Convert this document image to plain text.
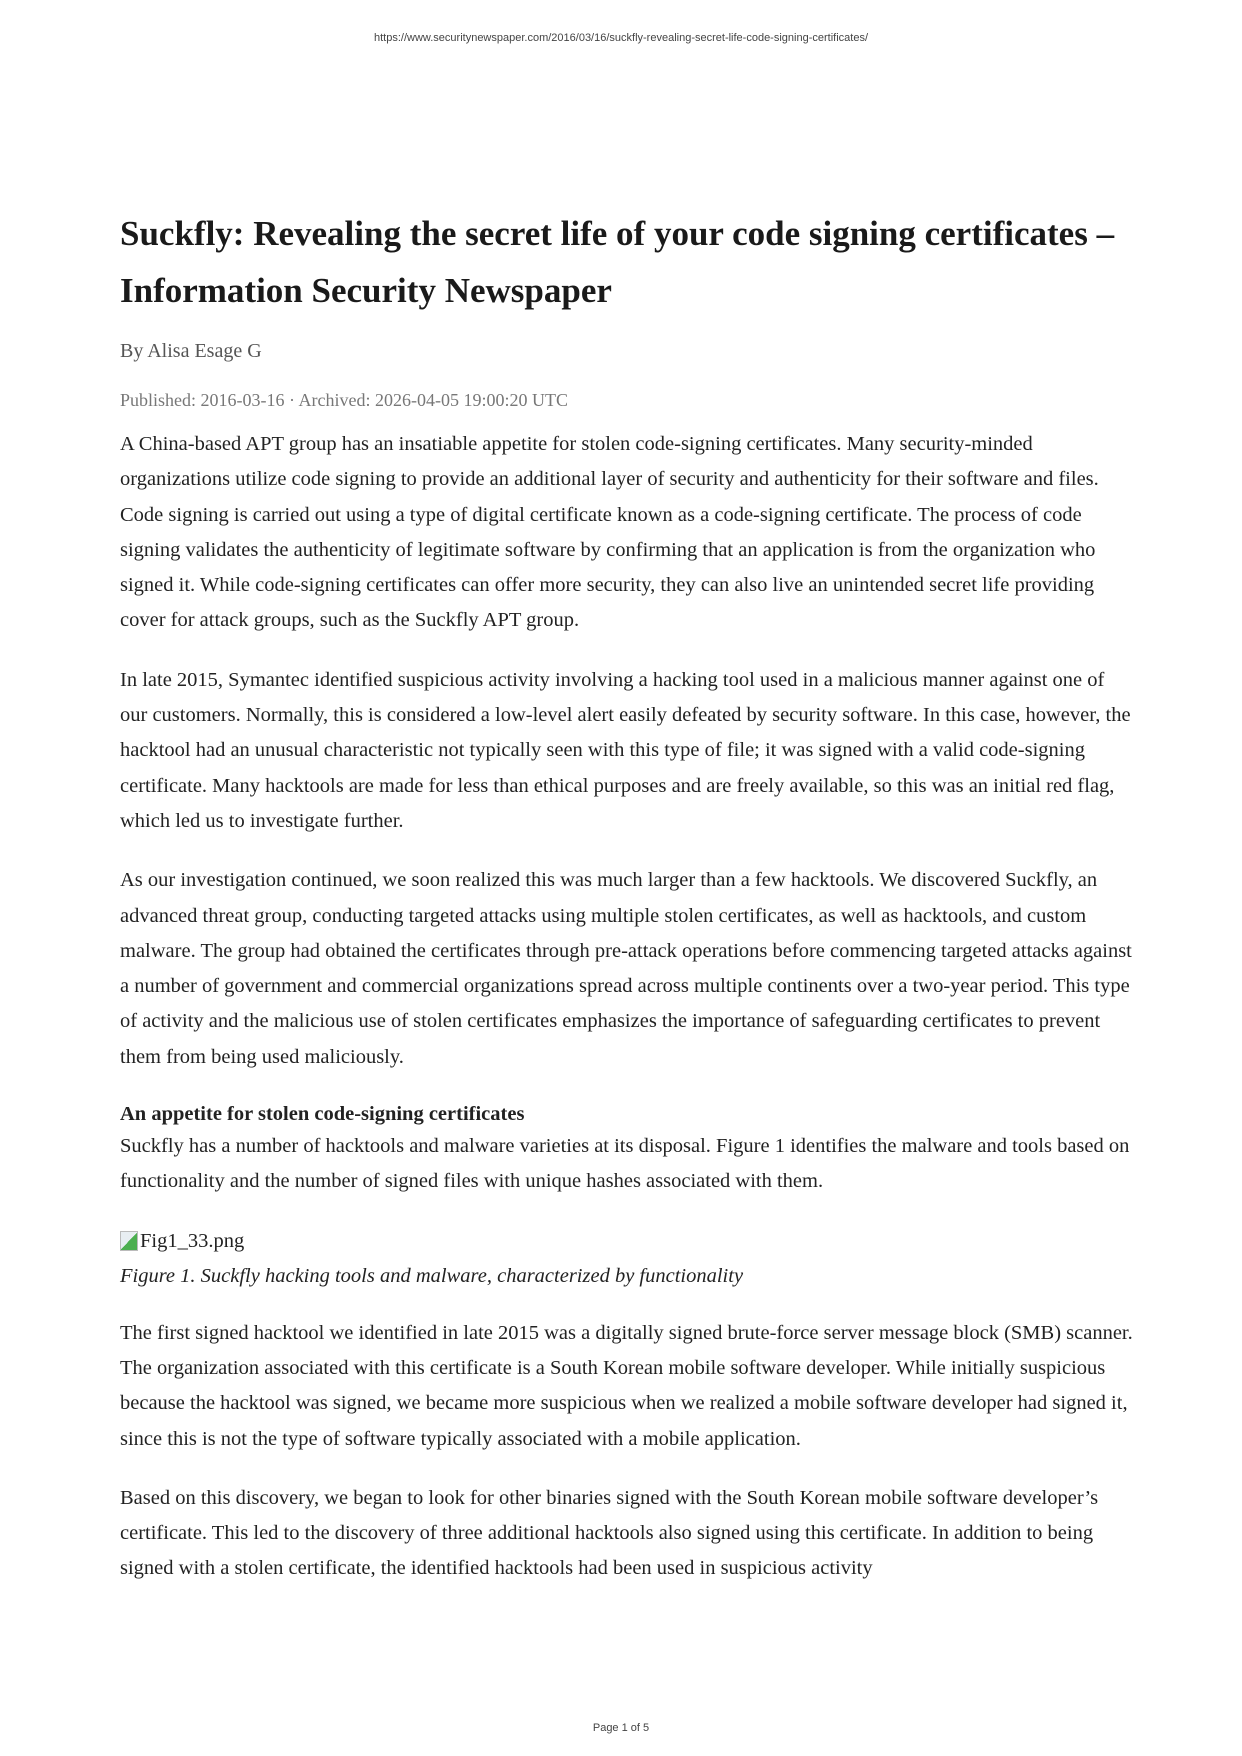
https://www.securitynewspaper.com/2016/03/16/suckfly-revealing-secret-life-code-signing-certificates/
Suckfly: Revealing the secret life of your code signing certificates – Information Security Newspaper
By Alisa Esage G
Published: 2016-03-16 · Archived: 2026-04-05 19:00:20 UTC

A China-based APT group has an insatiable appetite for stolen code-signing certificates. Many security-minded organizations utilize code signing to provide an additional layer of security and authenticity for their software and files. Code signing is carried out using a type of digital certificate known as a code-signing certificate. The process of code signing validates the authenticity of legitimate software by confirming that an application is from the organization who signed it. While code-signing certificates can offer more security, they can also live an unintended secret life providing cover for attack groups, such as the Suckfly APT group.

In late 2015, Symantec identified suspicious activity involving a hacking tool used in a malicious manner against one of our customers. Normally, this is considered a low-level alert easily defeated by security software. In this case, however, the hacktool had an unusual characteristic not typically seen with this type of file; it was signed with a valid code-signing certificate. Many hacktools are made for less than ethical purposes and are freely available, so this was an initial red flag, which led us to investigate further.

As our investigation continued, we soon realized this was much larger than a few hacktools. We discovered Suckfly, an advanced threat group, conducting targeted attacks using multiple stolen certificates, as well as hacktools, and custom malware. The group had obtained the certificates through pre-attack operations before commencing targeted attacks against a number of government and commercial organizations spread across multiple continents over a two-year period. This type of activity and the malicious use of stolen certificates emphasizes the importance of safeguarding certificates to prevent them from being used maliciously.

An appetite for stolen code-signing certificates

Suckfly has a number of hacktools and malware varieties at its disposal. Figure 1 identifies the malware and tools based on functionality and the number of signed files with unique hashes associated with them.

Fig1_33.png
Figure 1. Suckfly hacking tools and malware, characterized by functionality

The first signed hacktool we identified in late 2015 was a digitally signed brute-force server message block (SMB) scanner. The organization associated with this certificate is a South Korean mobile software developer. While initially suspicious because the hacktool was signed, we became more suspicious when we realized a mobile software developer had signed it, since this is not the type of software typically associated with a mobile application.

Based on this discovery, we began to look for other binaries signed with the South Korean mobile software developer’s certificate. This led to the discovery of three additional hacktools also signed using this certificate. In addition to being signed with a stolen certificate, the identified hacktools had been used in suspicious activity

Page 1 of 5
